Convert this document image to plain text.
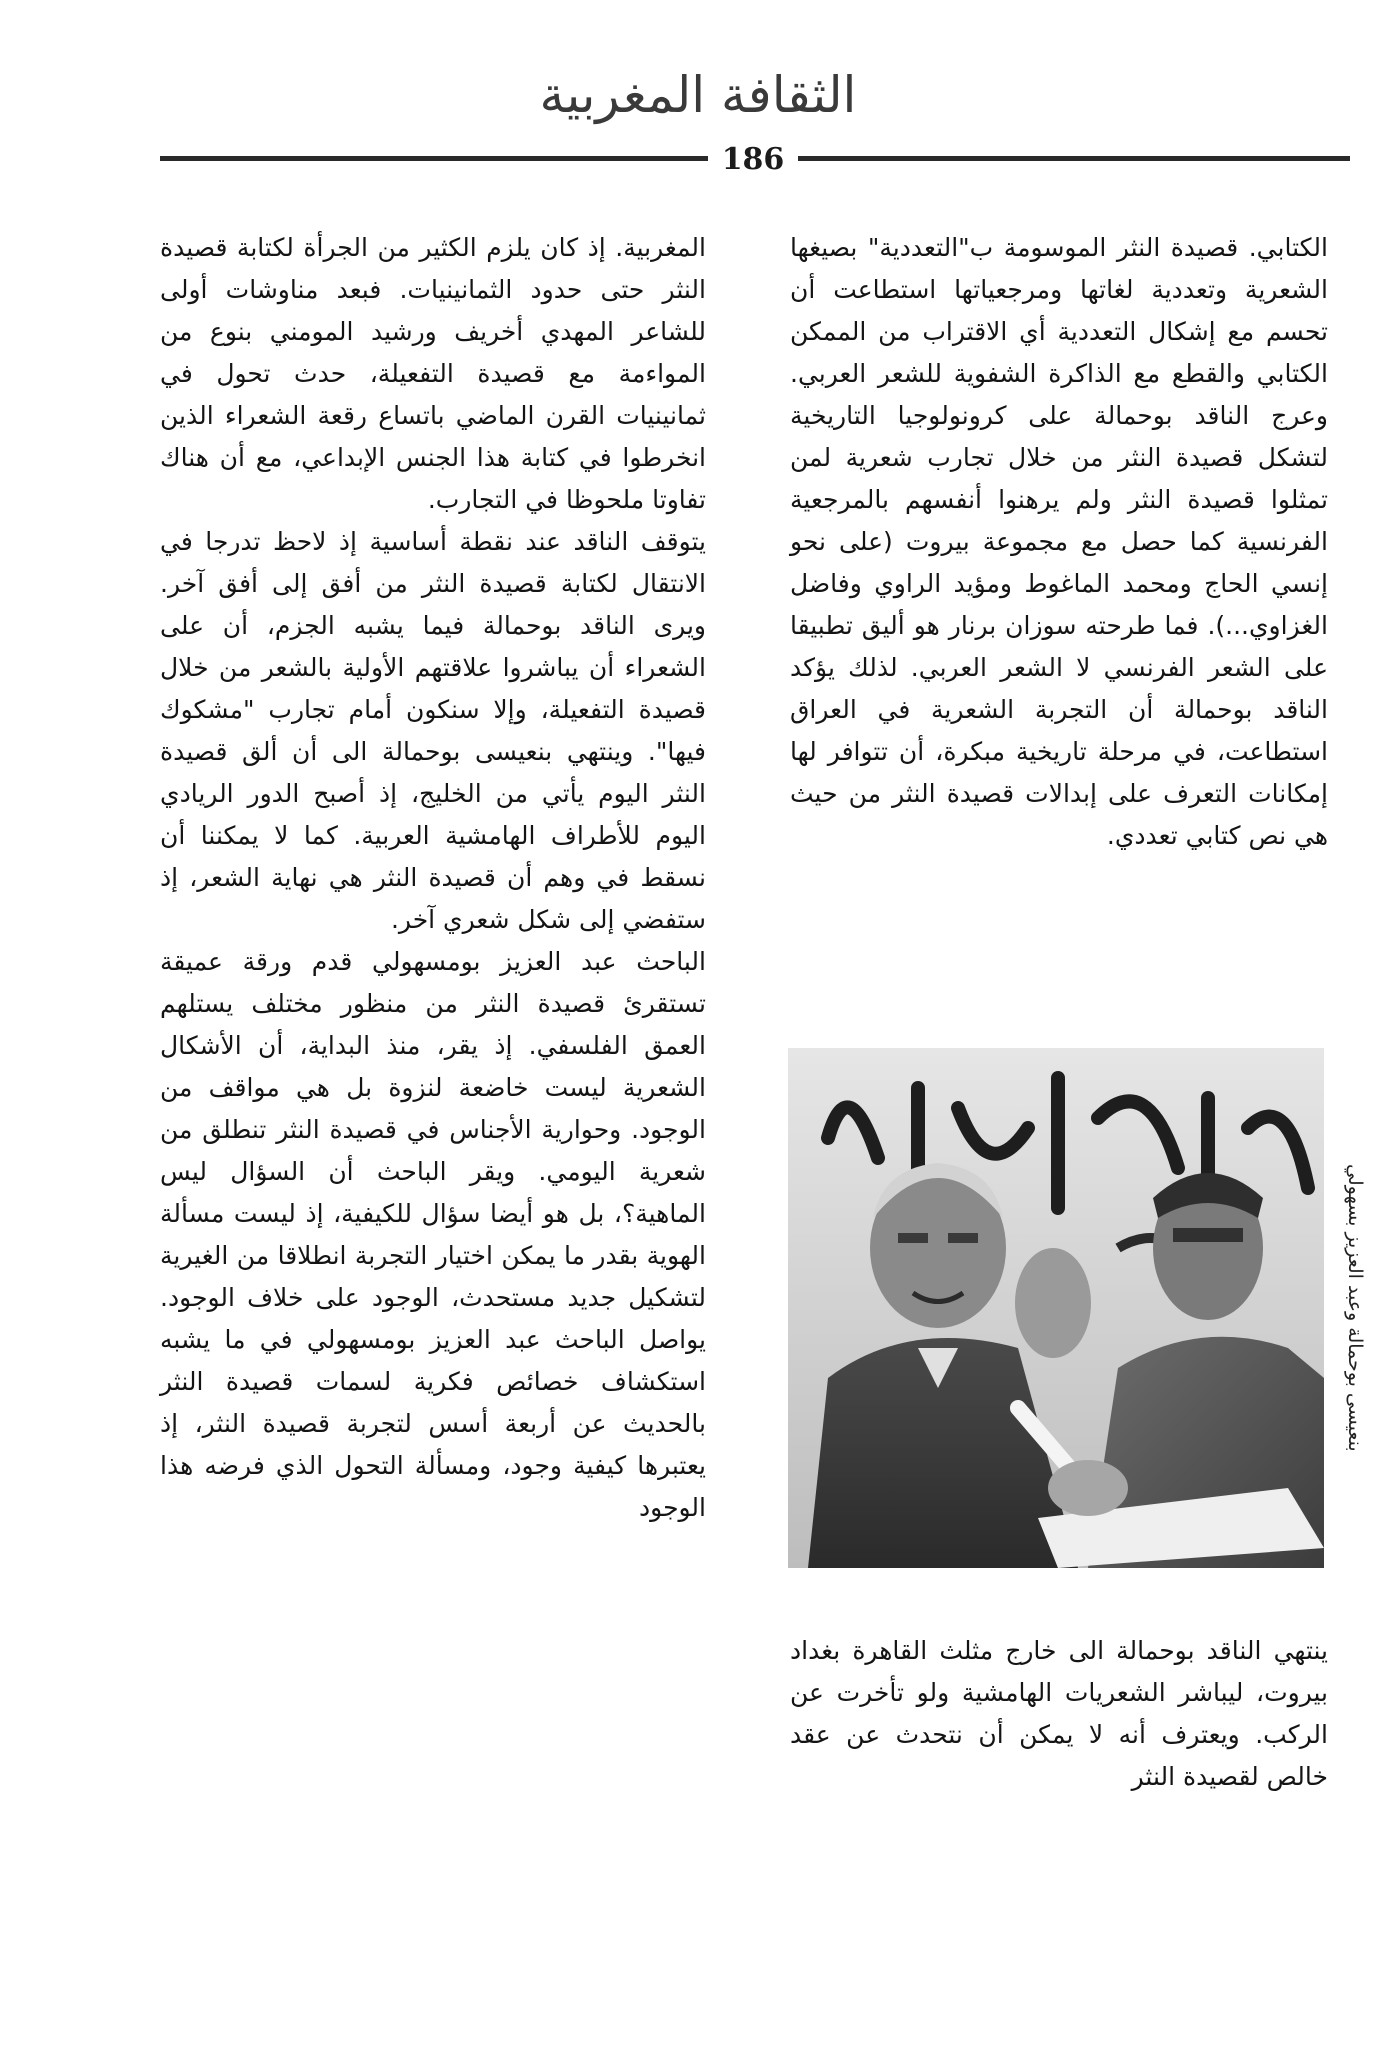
الثقافة المغربية
186

الكتابي. قصيدة النثر الموسومة ب"التعددية" بصيغها الشعرية وتعددية لغاتها ومرجعياتها استطاعت أن تحسم مع إشكال التعددية أي الاقتراب من الممكن الكتابي والقطع مع الذاكرة الشفوية للشعر العربي. وعرج الناقد بوحمالة على كرونولوجيا التاريخية لتشكل قصيدة النثر من خلال تجارب شعرية لمن تمثلوا قصيدة النثر ولم يرهنوا أنفسهم بالمرجعية الفرنسية كما حصل مع مجموعة بيروت (على نحو إنسي الحاج ومحمد الماغوط ومؤيد الراوي وفاضل الغزاوي...). فما طرحته سوزان برنار هو أليق تطبيقا على الشعر الفرنسي لا الشعر العربي. لذلك يؤكد الناقد بوحمالة أن التجربة الشعرية في العراق استطاعت، في مرحلة تاريخية مبكرة، أن تتوافر لها إمكانات التعرف على إبدالات قصيدة النثر من حيث هي نص كتابي تعددي.

بنعيسى بوحمالة وعبد العزيز بسهولي

ينتهي الناقد بوحمالة الى خارج مثلث القاهرة بغداد بيروت، ليباشر الشعريات الهامشية ولو تأخرت عن الركب. ويعترف أنه لا يمكن أن نتحدث عن عقد خالص لقصيدة النثر

المغربية. إذ كان يلزم الكثير من الجرأة لكتابة قصيدة النثر حتى حدود الثمانينيات. فبعد مناوشات أولى للشاعر المهدي أخريف ورشيد المومني بنوع من المواءمة مع قصيدة التفعيلة، حدث تحول في ثمانينيات القرن الماضي باتساع رقعة الشعراء الذين انخرطوا في كتابة هذا الجنس الإبداعي، مع أن هناك تفاوتا ملحوظا في التجارب.

يتوقف الناقد عند نقطة أساسية إذ لاحظ تدرجا في الانتقال لكتابة قصيدة النثر من أفق إلى أفق آخر. ويرى الناقد بوحمالة فيما يشبه الجزم، أن على الشعراء أن يباشروا علاقتهم الأولية بالشعر من خلال قصيدة التفعيلة، وإلا سنكون أمام تجارب "مشكوك فيها". وينتهي بنعيسى بوحمالة الى أن ألق قصيدة النثر اليوم يأتي من الخليج، إذ أصبح الدور الريادي اليوم للأطراف الهامشية العربية. كما لا يمكننا أن نسقط في وهم أن قصيدة النثر هي نهاية الشعر، إذ ستفضي إلى شكل شعري آخر.

الباحث عبد العزيز بومسهولي قدم ورقة عميقة تستقرئ قصيدة النثر من منظور مختلف يستلهم العمق الفلسفي. إذ يقر، منذ البداية، أن الأشكال الشعرية ليست خاضعة لنزوة بل هي مواقف من الوجود. وحوارية الأجناس في قصيدة النثر تنطلق من شعرية اليومي. ويقر الباحث أن السؤال ليس الماهية؟، بل هو أيضا سؤال للكيفية، إذ ليست مسألة الهوية بقدر ما يمكن اختيار التجربة انطلاقا من الغيرية لتشكيل جديد مستحدث، الوجود على خلاف الوجود. يواصل الباحث عبد العزيز بومسهولي في ما يشبه استكشاف خصائص فكرية لسمات قصيدة النثر بالحديث عن أربعة أسس لتجربة قصيدة النثر، إذ يعتبرها كيفية وجود، ومسألة التحول الذي فرضه هذا الوجود
